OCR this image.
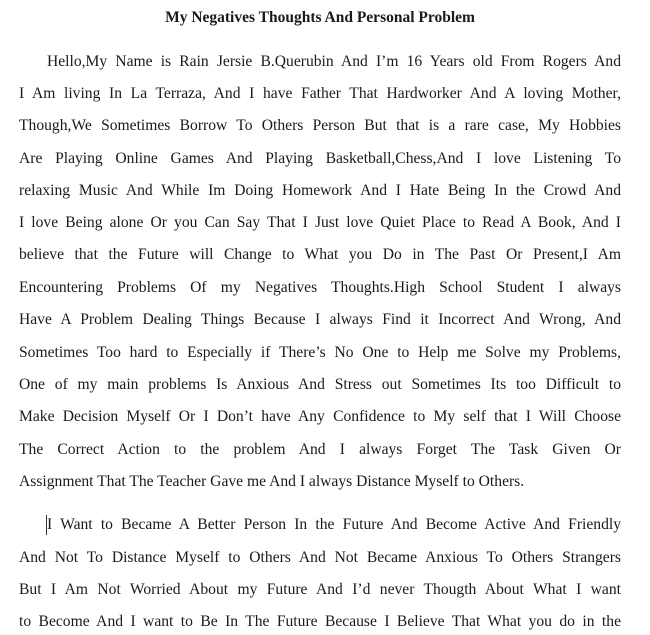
My Negatives Thoughts And Personal Problem
Hello,My Name is Rain Jersie B.Querubin And I’m 16 Years old From Rogers And
I Am living In La Terraza, And I have Father That Hardworker And A loving Mother,
Though,We Sometimes Borrow To Others Person But that is a rare case, My Hobbies
Are Playing Online Games And Playing Basketball,Chess,And I love Listening To
relaxing Music And While Im Doing Homework And I Hate Being In the Crowd And
I love Being alone Or you Can Say That I Just love Quiet Place to Read A Book, And I
believe that the Future will Change to What you Do in The Past Or Present,I Am
Encountering Problems Of my Negatives Thoughts.High School Student I always
Have A Problem Dealing Things Because I always Find it Incorrect And Wrong, And
Sometimes Too hard to Especially if There’s No One to Help me Solve my Problems,
One of my main problems Is Anxious And Stress out Sometimes Its too Difficult to
Make Decision Myself Or I Don’t have Any Confidence to My self that I Will Choose
The Correct Action to the problem And I always Forget The Task Given Or
Assignment That The Teacher Gave me And I always Distance Myself to Others.
I Want to Became A Better Person In the Future And Become Active And Friendly
And Not To Distance Myself to Others And Not Became Anxious To Others Strangers
But I Am Not Worried About my Future And I’d never Thougth About What I want
to Become And I want to Be In The Future Because I Believe That What you do in the
